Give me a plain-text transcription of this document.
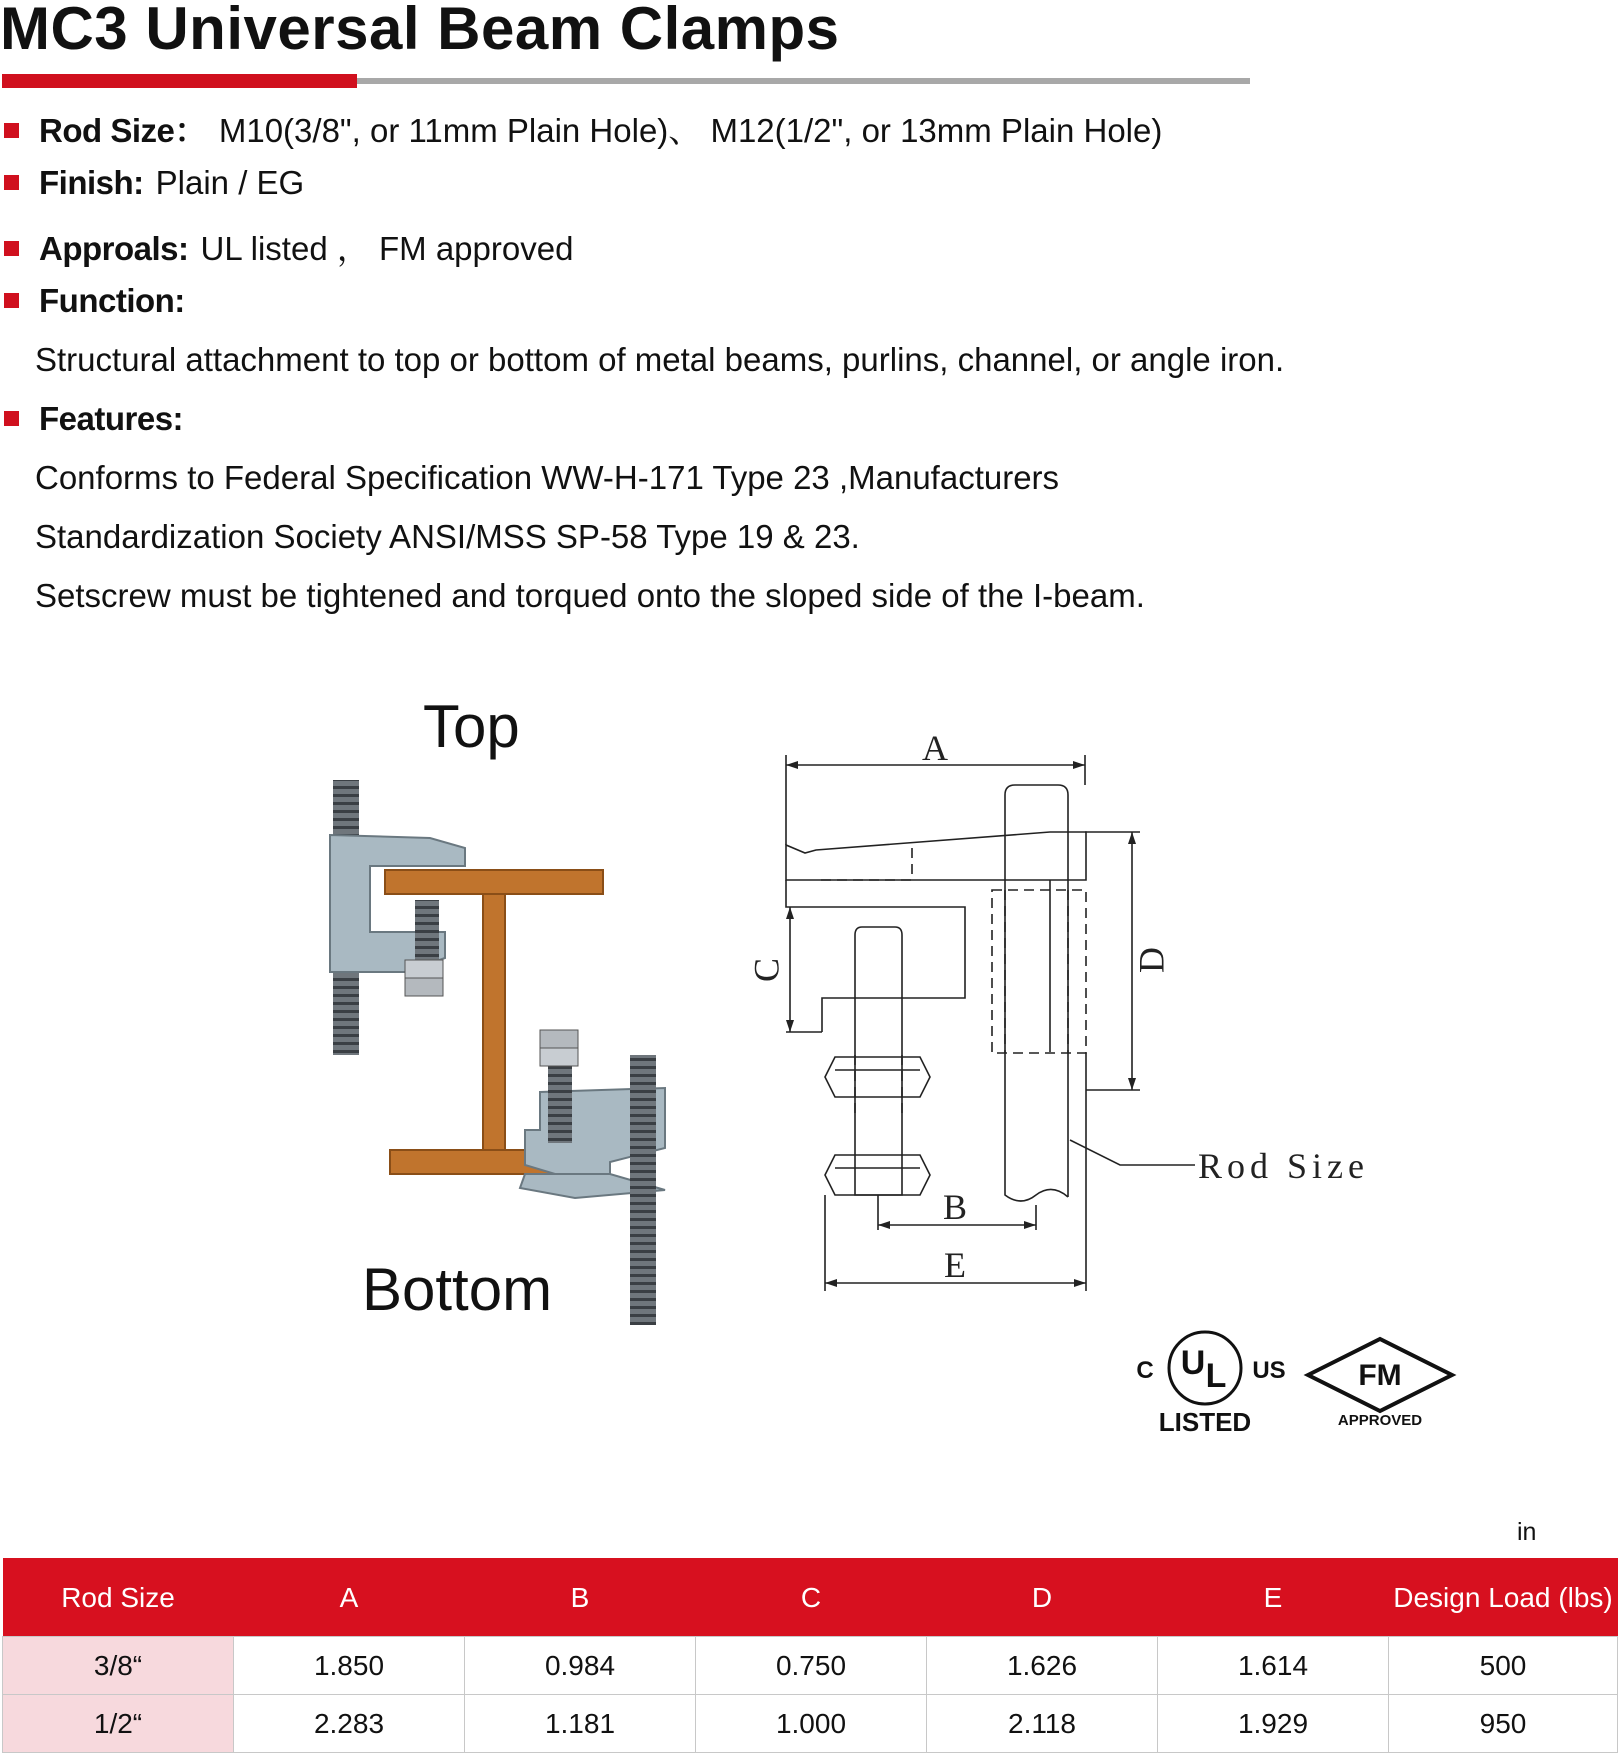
MC3 Universal Beam Clamps
Rod Size： M10(3/8", or 11mm Plain Hole)、 M12(1/2", or 13mm Plain Hole)
Finish: Plain / EG
Approals: UL listed ， FM approved
Function:
Structural attachment to top or bottom of metal beams, purlins, channel, or angle iron.
Features:
Conforms to Federal Specification WW-H-171 Type 23 ,Manufacturers
Standardization Society ANSI/MSS SP-58 Type 19 & 23.
Setscrew must be tightened and torqued onto the sloped side of the I-beam.
Top
Bottom
A
D
C
B
E
Rod Size
C U L US
LISTED
FM
APPROVED
in
Rod Size	A	B	C	D	E	Design Load (lbs)
3/8“	1.850	0.984	0.750	1.626	1.614	500
1/2“	2.283	1.181	1.000	2.118	1.929	950
